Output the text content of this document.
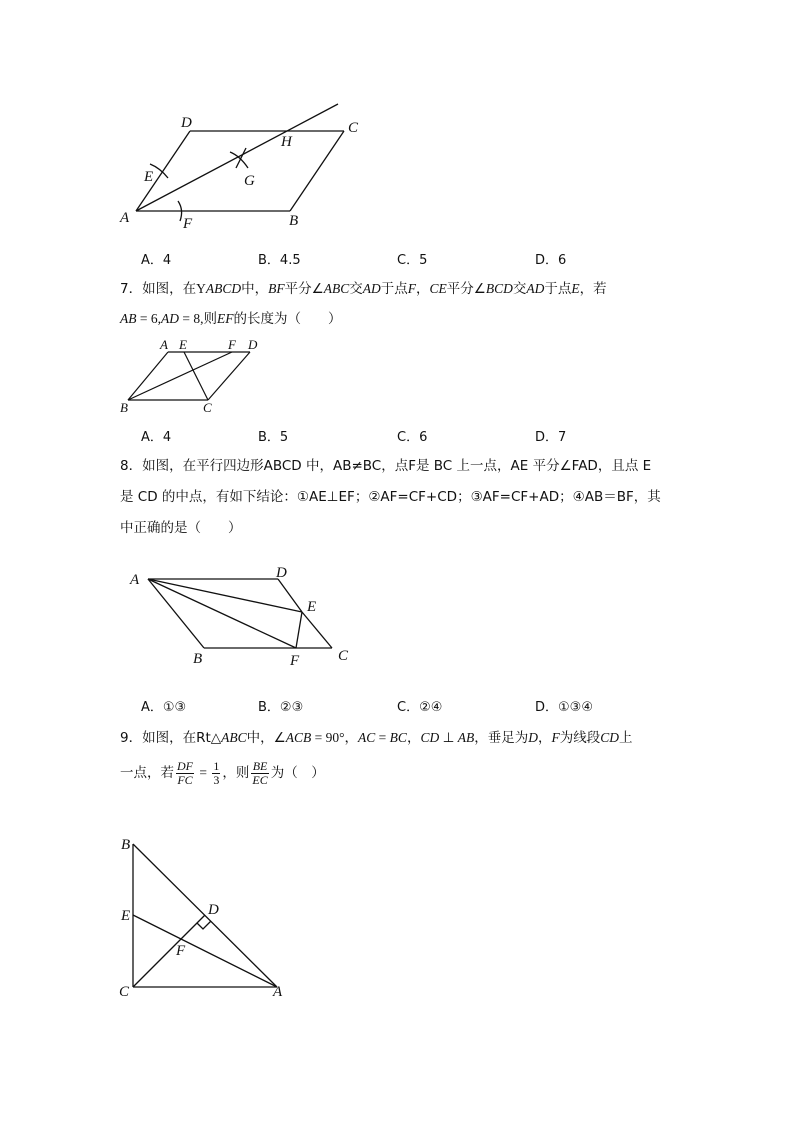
A	B
C
D
E
F
G
H
A．4	B．4.5	C．5	D．6
7．如图，在YABCD中，BF平分∠ABC交AD于点F，CE平分∠BCD交AD于点E，若
AB = 6,AD = 8,则EF的长度为（　　）
A E	F D
B	C
A．4	B．5	C．6	D．7
8．如图，在平行四边形ABCD 中，AB≠BC，点F是 BC 上一点，AE 平分∠FAD，且点 E
是 CD 的中点，有如下结论：①AE⊥EF；②AF=CF+CD；③AF=CF+AD；④AB＝BF，其
中正确的是（　　）
A	D
E
B	F	C
A．①③	B．②③	C．②④	D．①③④
9．如图，在Rt△ABC中，∠ACB = 90°，AC = BC，CD ⊥ AB，垂足为D，F为线段CD上
一点，若 $\frac{DF}{FC} = \frac{1}{3}$ ，则 $\frac{BE}{EC}$ 为（　）
B
E	D
F
C	A
